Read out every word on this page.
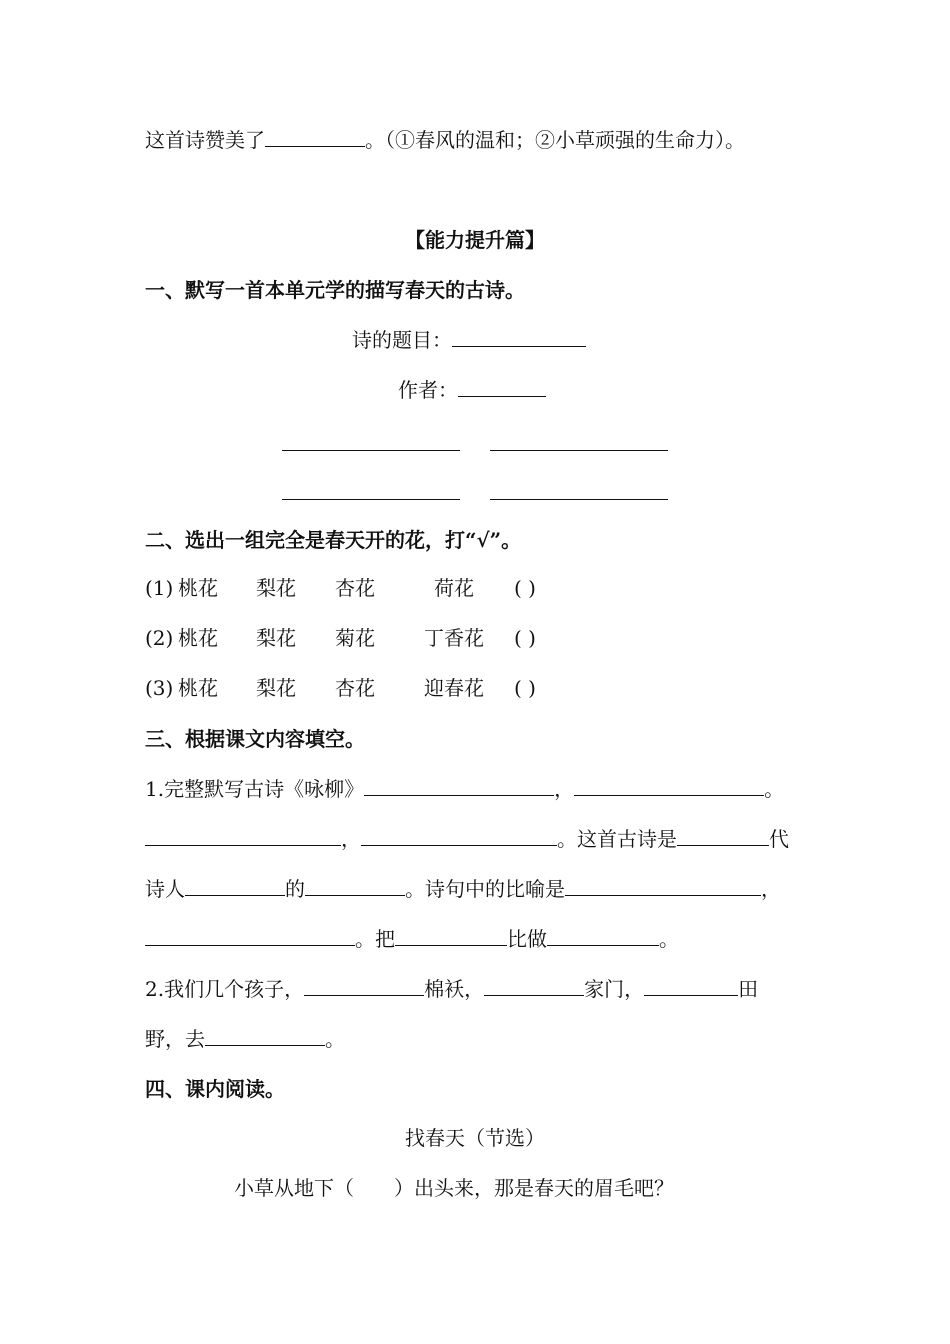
这首诗赞美了	。（①春风的温和；②小草顽强的生命力）。
【能力提升篇】
一、默写一首本单元学的描写春天的古诗。
诗的题目：
作者：
二、选出一组完全是春天开的花，打“√”。
(1) 桃花 梨花 杏花	荷花 ( )
(2) 桃花 梨花 菊花 丁香花 ( )
(3) 桃花 梨花 杏花 迎春花 ( )
三、根据课文内容填空。
1.完整默写古诗《咏柳》	，	。
，	。这首古诗是	代
诗人	的	。诗句中的比喻是	，
。把	比做	。
2.我们几个孩子，	棉袄，	家门，	田
野，去	。
四、课内阅读。
找春天（节选）
小草从地下（　　）出头来，那是春天的眉毛吧？
